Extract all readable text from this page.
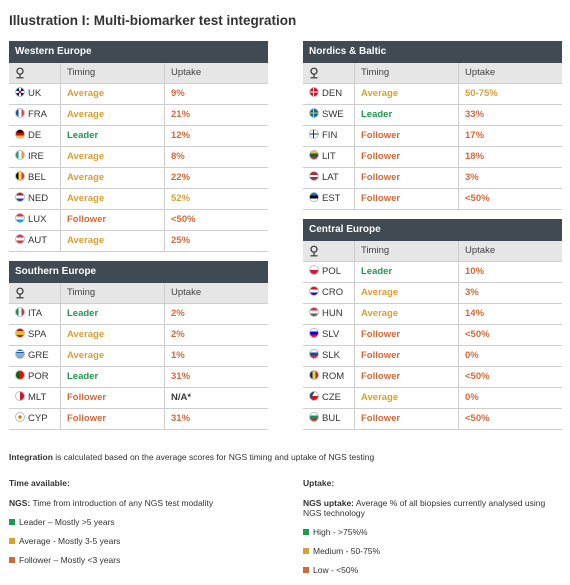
Illustration I: Multi-biomarker test integration
Western Europe
Timing	Uptake
UK	Average	9%
FRA	Average	21%
DE	Leader	12%
IRE	Average	8%
BEL	Average	22%
NED	Average	52%
LUX	Follower	<50%
AUT	Average	25%
Southern Europe
Timing	Uptake
ITA	Leader	2%
SPA	Average	2%
GRE	Average	1%
POR	Leader	31%
MLT	Follower	N/A*
CYP	Follower	31%
Nordics & Baltic
Timing	Uptake
DEN	Average	50-75%
SWE	Leader	33%
FIN	Follower	17%
LIT	Follower	18%
LAT	Follower	3%
EST	Follower	<50%
Central Europe
Timing	Uptake
POL	Leader	10%
CRO	Average	3%
HUN	Average	14%
SLV	Follower	<50%
SLK	Follower	0%
ROM	Follower	<50%
CZE	Average	0%
BUL	Follower	<50%
Integration is calculated based on the average scores for NGS timing and uptake of NGS testing
Time available:
NGS: Time from introduction of any NGS test modality
Leader – Mostly >5 years
Average - Mostly 3-5 years
Follower – Mostly <3 years
Uptake:
NGS uptake: Average % of all biopsies currently analysed using NGS technology
High - >75%%
Medium - 50-75%
Low - <50%
